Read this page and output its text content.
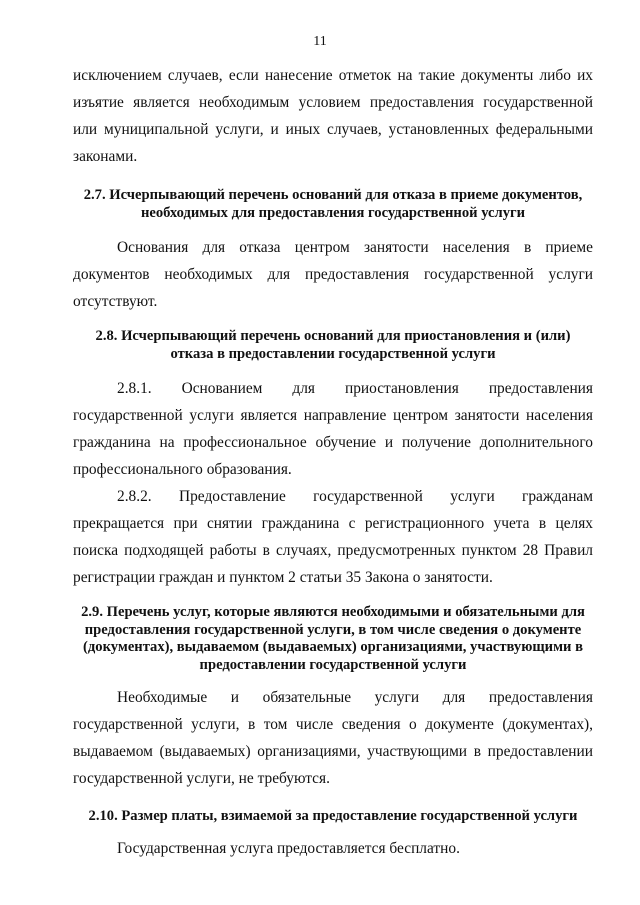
11

исключением случаев, если нанесение отметок на такие документы либо их изъятие является необходимым условием предоставления государственной или муниципальной услуги, и иных случаев, установленных федеральными законами.

2.7. Исчерпывающий перечень оснований для отказа в приеме документов, необходимых для предоставления государственной услуги

Основания для отказа центром занятости населения в приеме документов необходимых для предоставления государственной услуги отсутствуют.

2.8. Исчерпывающий перечень оснований для приостановления и (или) отказа в предоставлении государственной услуги

2.8.1. Основанием для приостановления предоставления государственной услуги является направление центром занятости населения гражданина на профессиональное обучение и получение дополнительного профессионального образования.

2.8.2. Предоставление государственной услуги гражданам прекращается при снятии гражданина с регистрационного учета в целях поиска подходящей работы в случаях, предусмотренных пунктом 28 Правил регистрации граждан и пунктом 2 статьи 35 Закона о занятости.

2.9. Перечень услуг, которые являются необходимыми и обязательными для предоставления государственной услуги, в том числе сведения о документе (документах), выдаваемом (выдаваемых) организациями, участвующими в предоставлении государственной услуги

Необходимые и обязательные услуги для предоставления государственной услуги, в том числе сведения о документе (документах), выдаваемом (выдаваемых) организациями, участвующими в предоставлении государственной услуги, не требуются.

2.10. Размер платы, взимаемой за предоставление государственной услуги

Государственная услуга предоставляется бесплатно.
